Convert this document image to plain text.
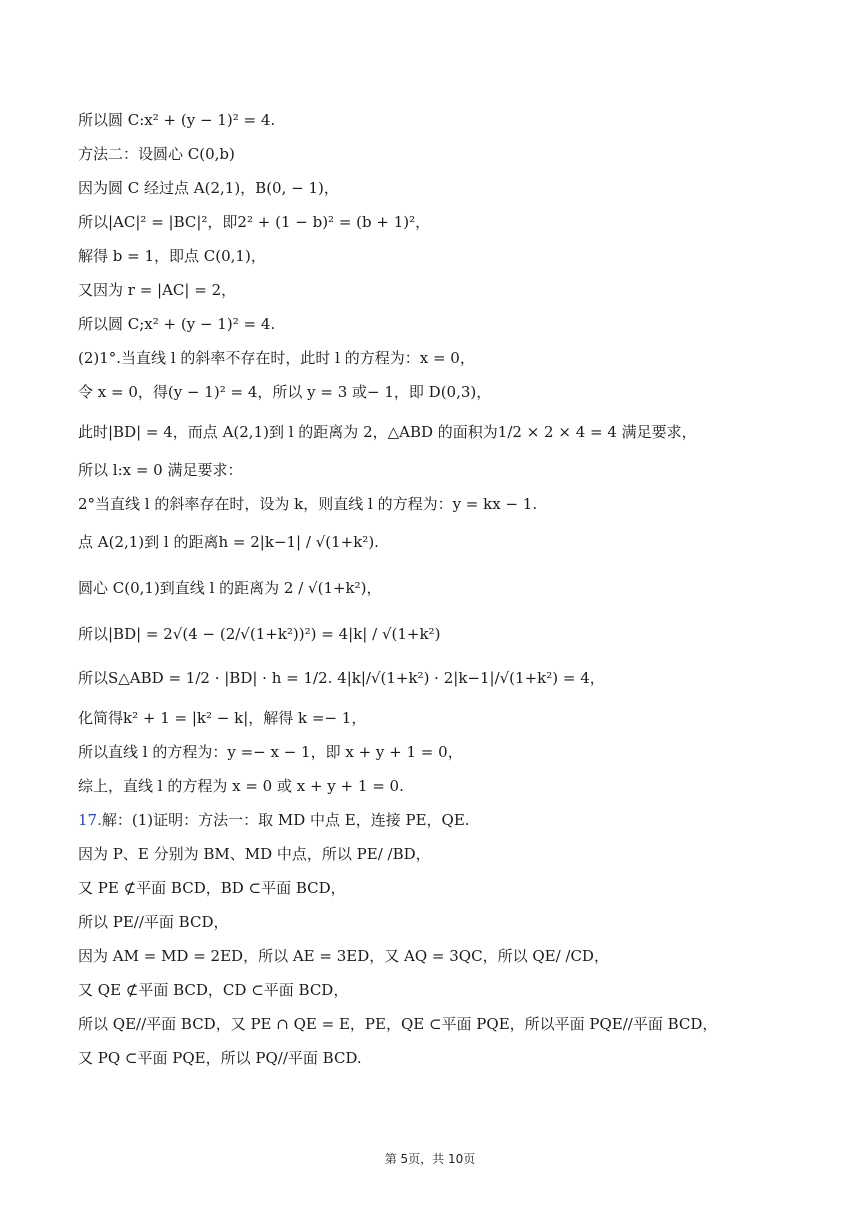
所以圆 C:x² + (y − 1)² = 4.
方法二：设圆心 C(0,b)
因为圆 C 经过点 A(2,1)，B(0, − 1)，
所以|AC|² = |BC|²，即2² + (1 − b)² = (b + 1)²，
解得 b = 1，即点 C(0,1)，
又因为 r = |AC| = 2，
所以圆 C;x² + (y − 1)² = 4.
(2)1°.当直线 l 的斜率不存在时，此时 l 的方程为：x = 0，
令 x = 0，得(y − 1)² = 4，所以 y = 3 或− 1，即 D(0,3)，
此时|BD| = 4，而点 A(2,1)到 l 的距离为 2，△ABD 的面积为1/2 × 2 × 4 = 4 满足要求，
所以 l:x = 0 满足要求：
2°当直线 l 的斜率存在时，设为 k，则直线 l 的方程为：y = kx − 1.
点 A(2,1)到 l 的距离h = 2|k−1| / √(1+k²).
圆心 C(0,1)到直线 l 的距离为 2 / √(1+k²)，
所以|BD| = 2√(4 − (2/√(1+k²))²) = 4|k| / √(1+k²)
所以S△ABD = 1/2 · |BD| · h = 1/2. 4|k|/√(1+k²) · 2|k−1|/√(1+k²) = 4，
化简得k² + 1 = |k² − k|，解得 k =− 1，
所以直线 l 的方程为：y =− x − 1，即 x + y + 1 = 0，
综上，直线 l 的方程为 x = 0 或 x + y + 1 = 0.
17.解：(1)证明：方法一：取 MD 中点 E，连接 PE，QE.
因为 P、E 分别为 BM、MD 中点，所以 PE/ /BD，
又 PE ⊄平面 BCD，BD ⊂平面 BCD，
所以 PE//平面 BCD，
因为 AM = MD = 2ED，所以 AE = 3ED，又 AQ = 3QC，所以 QE/ /CD，
又 QE ⊄平面 BCD，CD ⊂平面 BCD，
所以 QE//平面 BCD，又 PE ∩ QE = E，PE，QE ⊂平面 PQE，所以平面 PQE//平面 BCD，
又 PQ ⊂平面 PQE，所以 PQ//平面 BCD.
第 5页，共 10页
